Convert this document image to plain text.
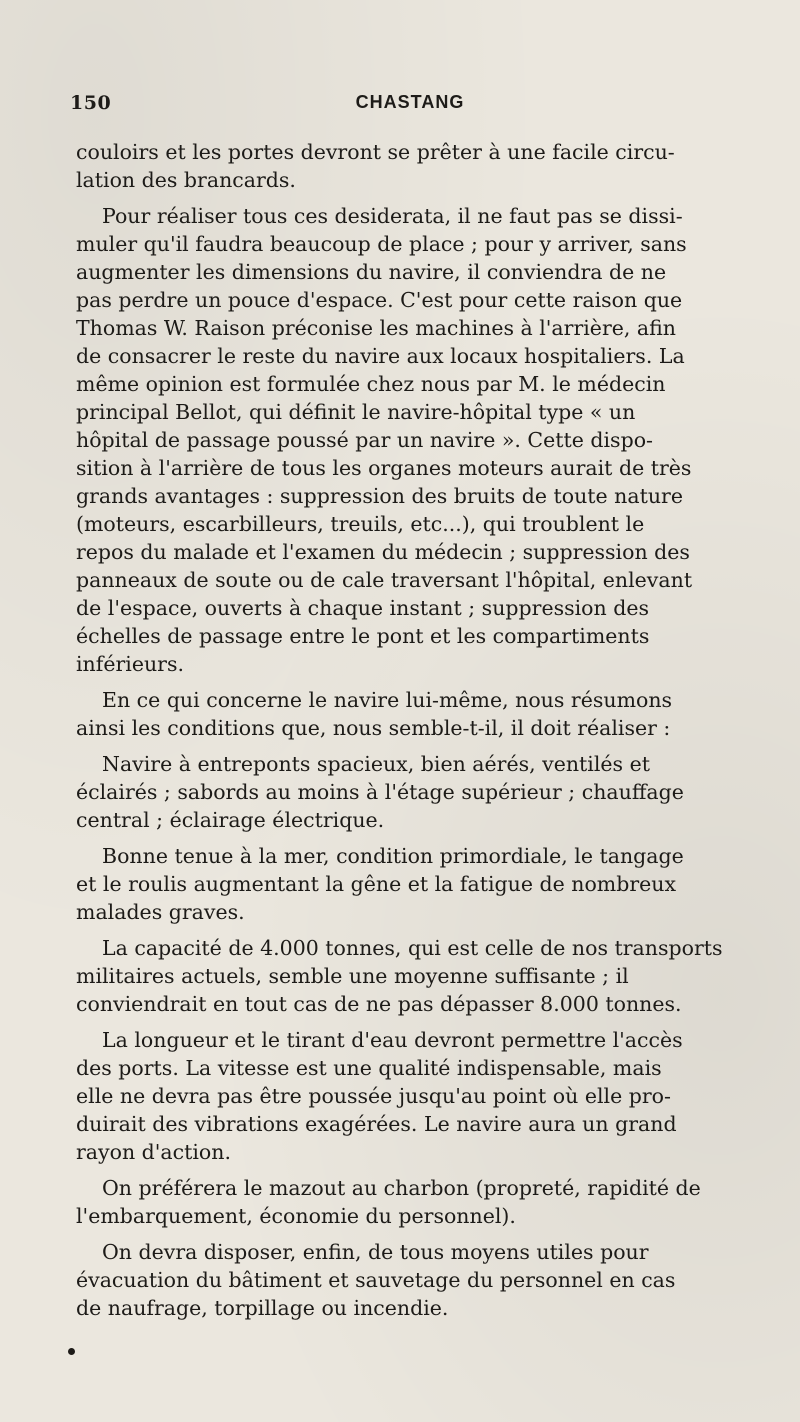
150	CHASTANG
couloirs et les portes devront se prêter à une facile circu-
lation des brancards.
Pour réaliser tous ces desiderata, il ne faut pas se dissi-
muler qu'il faudra beaucoup de place ; pour y arriver, sans
augmenter les dimensions du navire, il conviendra de ne
pas perdre un pouce d'espace. C'est pour cette raison que
Thomas W. Raison préconise les machines à l'arrière, afin
de consacrer le reste du navire aux locaux hospitaliers. La
même opinion est formulée chez nous par M. le médecin
principal Bellot, qui définit le navire-hôpital type « un
hôpital de passage poussé par un navire ». Cette dispo-
sition à l'arrière de tous les organes moteurs aurait de très
grands avantages : suppression des bruits de toute nature
(moteurs, escarbilleurs, treuils, etc...), qui troublent le
repos du malade et l'examen du médecin ; suppression des
panneaux de soute ou de cale traversant l'hôpital, enlevant
de l'espace, ouverts à chaque instant ; suppression des
échelles de passage entre le pont et les compartiments
inférieurs.
En ce qui concerne le navire lui-même, nous résumons
ainsi les conditions que, nous semble-t-il, il doit réaliser :
Navire à entreponts spacieux, bien aérés, ventilés et
éclairés ; sabords au moins à l'étage supérieur ; chauffage
central ; éclairage électrique.
Bonne tenue à la mer, condition primordiale, le tangage
et le roulis augmentant la gêne et la fatigue de nombreux
malades graves.
La capacité de 4.000 tonnes, qui est celle de nos transports
militaires actuels, semble une moyenne suffisante ; il
conviendrait en tout cas de ne pas dépasser 8.000 tonnes.
La longueur et le tirant d'eau devront permettre l'accès
des ports. La vitesse est une qualité indispensable, mais
elle ne devra pas être poussée jusqu'au point où elle pro-
duirait des vibrations exagérées. Le navire aura un grand
rayon d'action.
On préférera le mazout au charbon (propreté, rapidité de
l'embarquement, économie du personnel).
On devra disposer, enfin, de tous moyens utiles pour
évacuation du bâtiment et sauvetage du personnel en cas
de naufrage, torpillage ou incendie.
